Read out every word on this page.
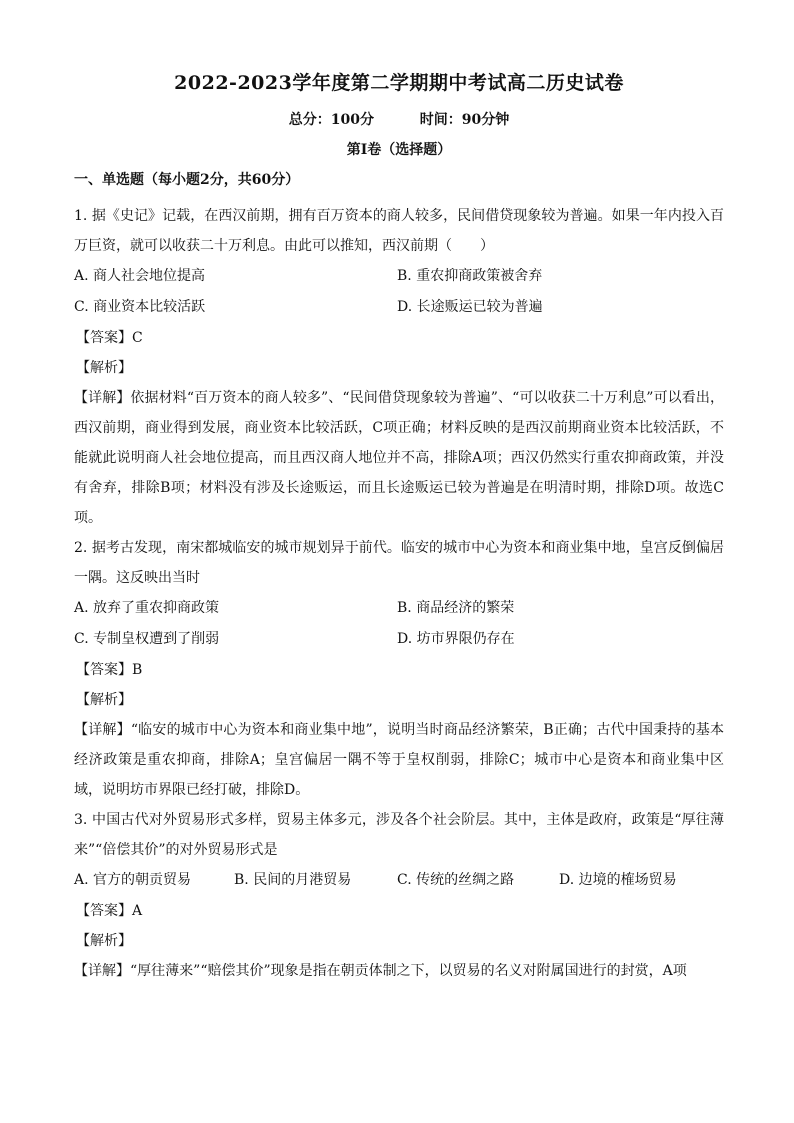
2022-2023学年度第二学期期中考试高二历史试卷
总分：100分	时间：90分钟
第Ⅰ卷（选择题）
一、单选题（每小题2分，共60分）

1. 据《史记》记载，在西汉前期，拥有百万资本的商人较多，民间借贷现象较为普遍。如果一年内投入百万巨资，就可以收获二十万利息。由此可以推知，西汉前期（　　）

A. 商人社会地位提高	B. 重农抑商政策被舍弃
C. 商业资本比较活跃	D. 长途贩运已较为普遍

【答案】C

【解析】

【详解】依据材料“百万资本的商人较多”、“民间借贷现象较为普遍”、“可以收获二十万利息”可以看出，西汉前期，商业得到发展，商业资本比较活跃，C项正确；材料反映的是西汉前期商业资本比较活跃，不能就此说明商人社会地位提高，而且西汉商人地位并不高，排除A项；西汉仍然实行重农抑商政策，并没有舍弃，排除B项；材料没有涉及长途贩运，而且长途贩运已较为普遍是在明清时期，排除D项。故选C项。

2. 据考古发现，南宋都城临安的城市规划异于前代。临安的城市中心为资本和商业集中地，皇宫反倒偏居一隅。这反映出当时

A. 放弃了重农抑商政策	B. 商品经济的繁荣
C. 专制皇权遭到了削弱	D. 坊市界限仍存在

【答案】B

【解析】

【详解】“临安的城市中心为资本和商业集中地”，说明当时商品经济繁荣，B正确；古代中国秉持的基本经济政策是重农抑商，排除A；皇宫偏居一隅不等于皇权削弱，排除C；城市中心是资本和商业集中区域，说明坊市界限已经打破，排除D。

3. 中国古代对外贸易形式多样，贸易主体多元，涉及各个社会阶层。其中，主体是政府，政策是“厚往薄来”“倍偿其价”的对外贸易形式是

A. 官方的朝贡贸易	B. 民间的月港贸易	C. 传统的丝绸之路	D. 边境的榷场贸易

【答案】A

【解析】

【详解】“厚往薄来”“赔偿其价”现象是指在朝贡体制之下，以贸易的名义对附属国进行的封赏，A项
